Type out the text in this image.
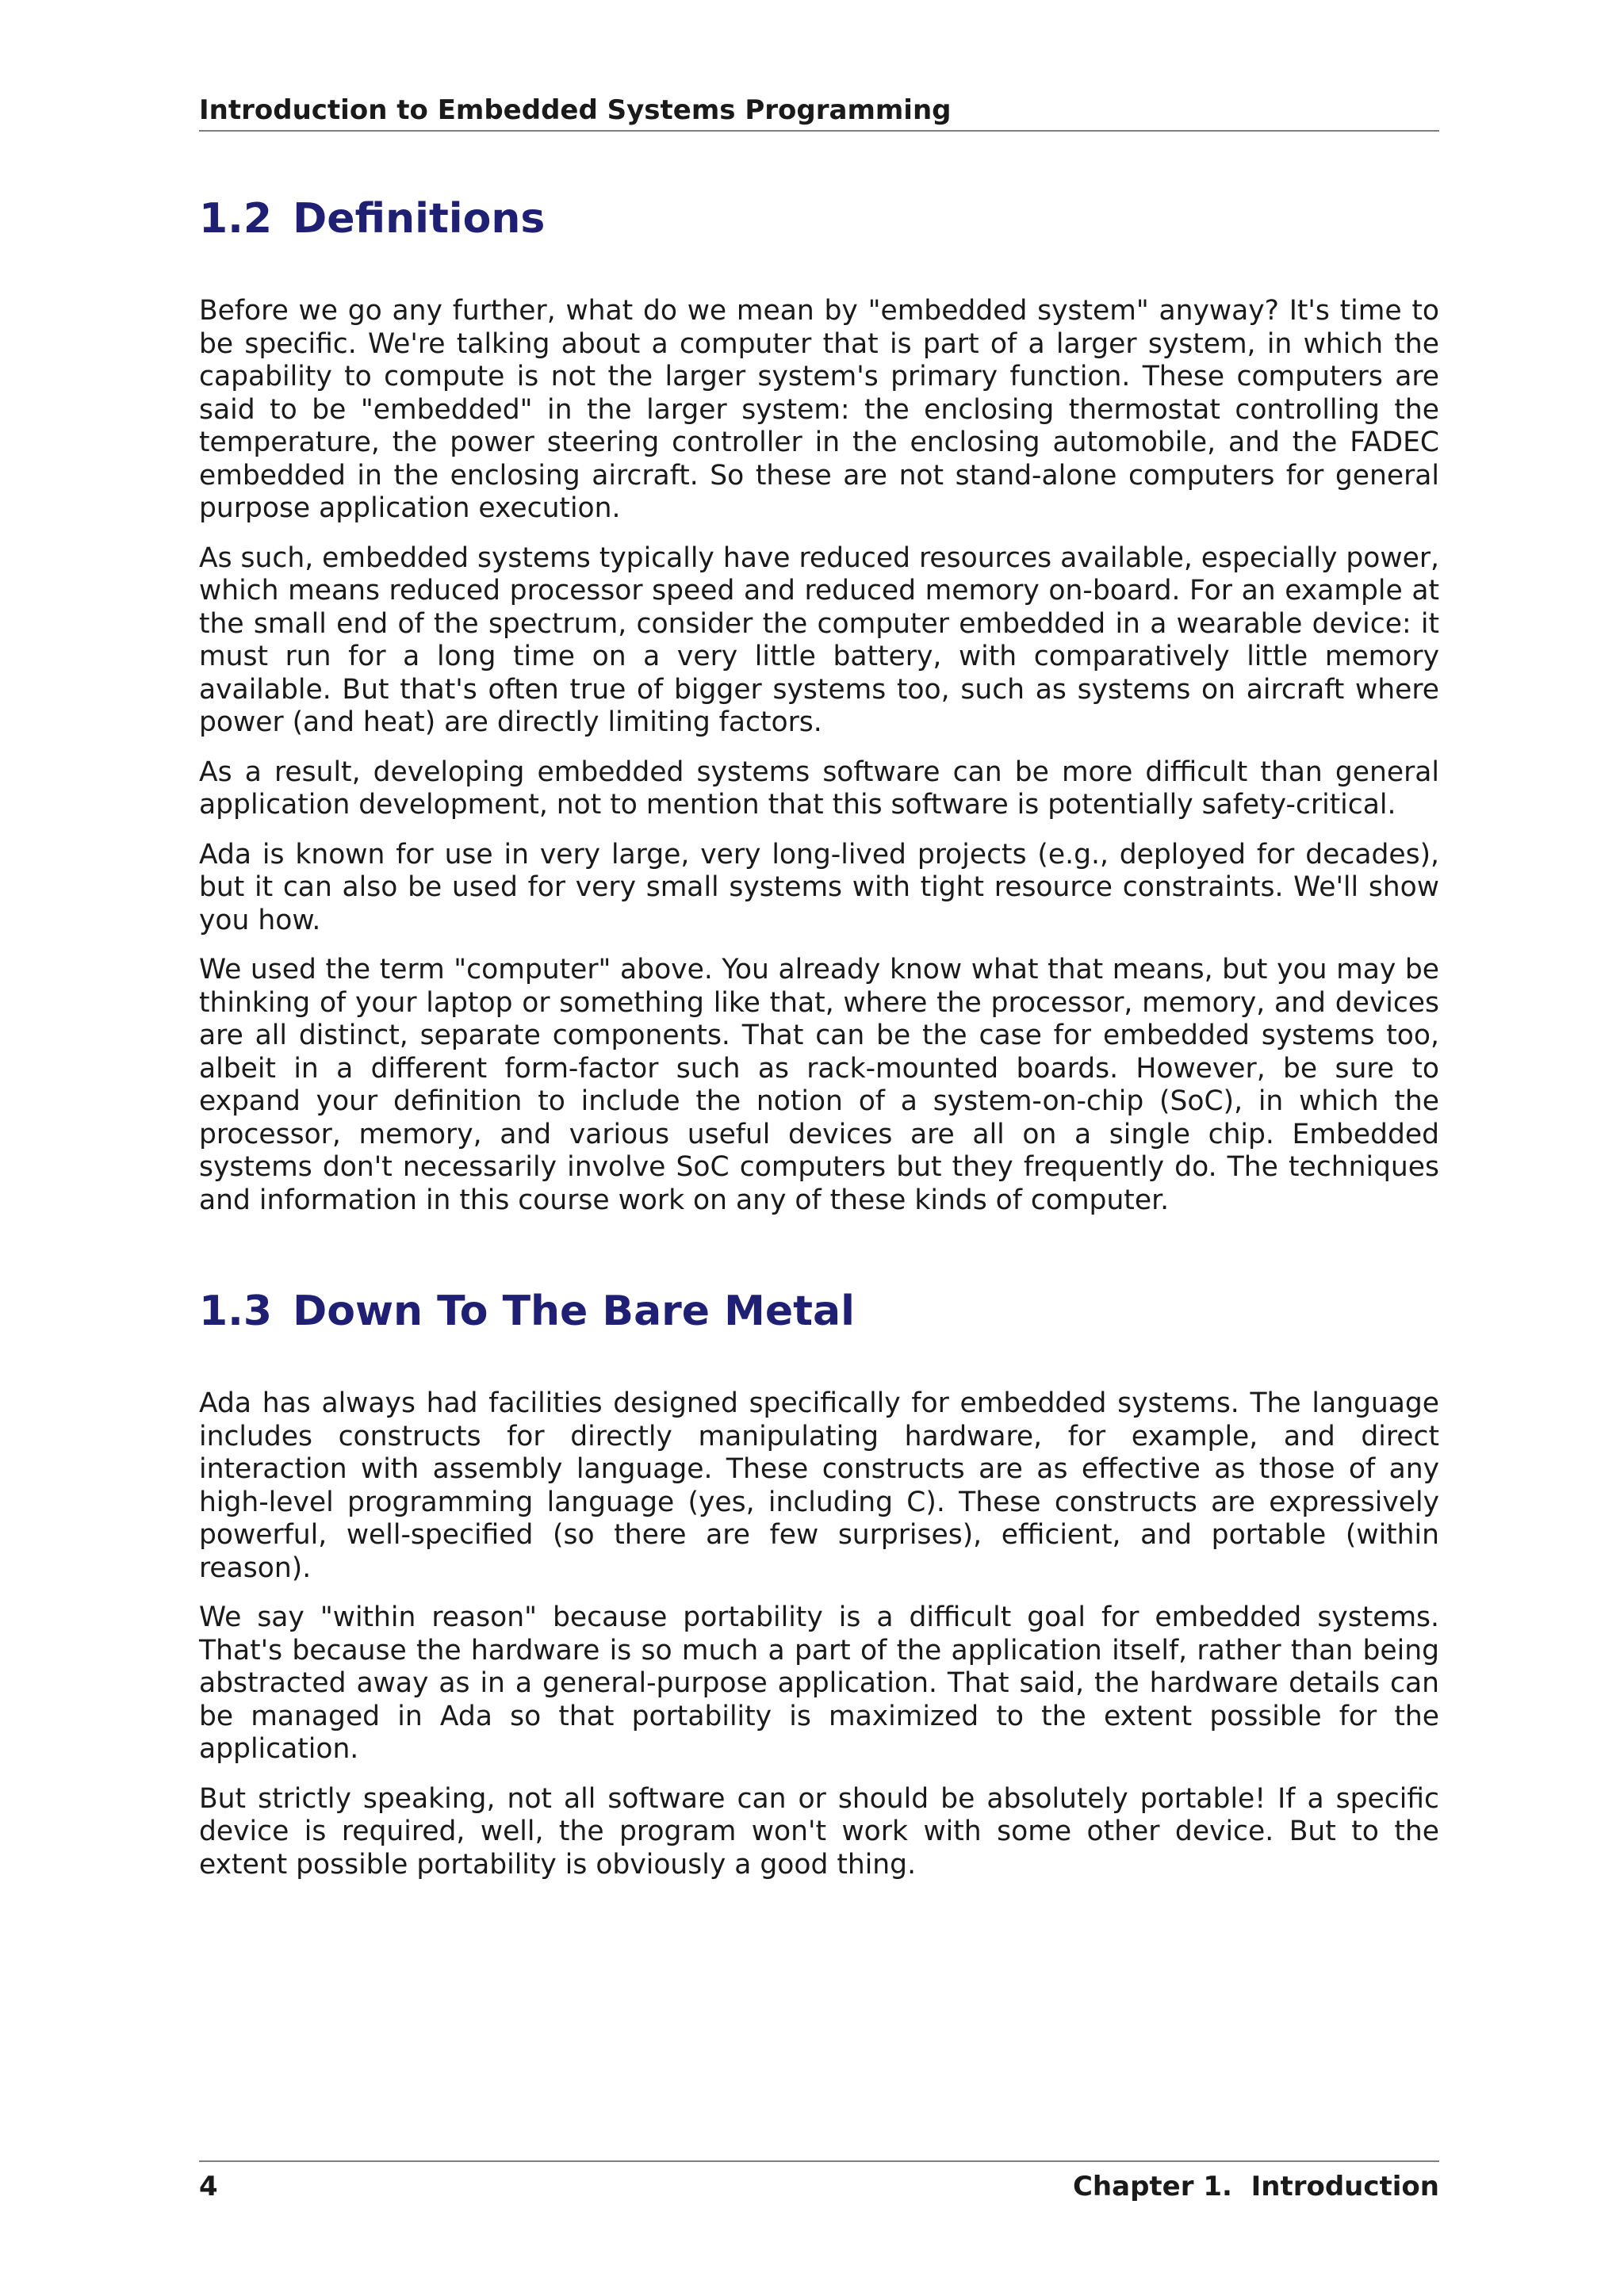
Introduction to Embedded Systems Programming
1.2 Definitions

Before we go any further, what do we mean by "embedded system" anyway? It's time to be specific. We're talking about a computer that is part of a larger system, in which the capability to compute is not the larger system's primary function. These computers are said to be "embedded" in the larger system: the enclosing thermostat controlling the temperature, the power steering controller in the enclosing automobile, and the FADEC embedded in the enclosing aircraft. So these are not stand-alone computers for general purpose application execution.

As such, embedded systems typically have reduced resources available, especially power, which means reduced processor speed and reduced memory on-board. For an example at the small end of the spectrum, consider the computer embedded in a wearable device: it must run for a long time on a very little battery, with comparatively little memory available. But that's often true of bigger systems too, such as systems on aircraft where power (and heat) are directly limiting factors.

As a result, developing embedded systems software can be more difficult than general application development, not to mention that this software is potentially safety-critical.

Ada is known for use in very large, very long-lived projects (e.g., deployed for decades), but it can also be used for very small systems with tight resource constraints. We'll show you how.

We used the term "computer" above. You already know what that means, but you may be thinking of your laptop or something like that, where the processor, memory, and devices are all distinct, separate components. That can be the case for embedded systems too, albeit in a different form-factor such as rack-mounted boards. However, be sure to expand your definition to include the notion of a system-on-chip (SoC), in which the processor, memory, and various useful devices are all on a single chip. Embedded systems don't necessarily involve SoC computers but they frequently do. The techniques and information in this course work on any of these kinds of computer.

1.3 Down To The Bare Metal

Ada has always had facilities designed specifically for embedded systems. The language includes constructs for directly manipulating hardware, for example, and direct interaction with assembly language. These constructs are as effective as those of any high-level programming language (yes, including C). These constructs are expressively powerful, well-specified (so there are few surprises), efficient, and portable (within reason).

We say "within reason" because portability is a difficult goal for embedded systems. That's because the hardware is so much a part of the application itself, rather than being abstracted away as in a general-purpose application. That said, the hardware details can be managed in Ada so that portability is maximized to the extent possible for the application.

But strictly speaking, not all software can or should be absolutely portable! If a specific device is required, well, the program won't work with some other device. But to the extent possible portability is obviously a good thing.

4	Chapter 1. Introduction
